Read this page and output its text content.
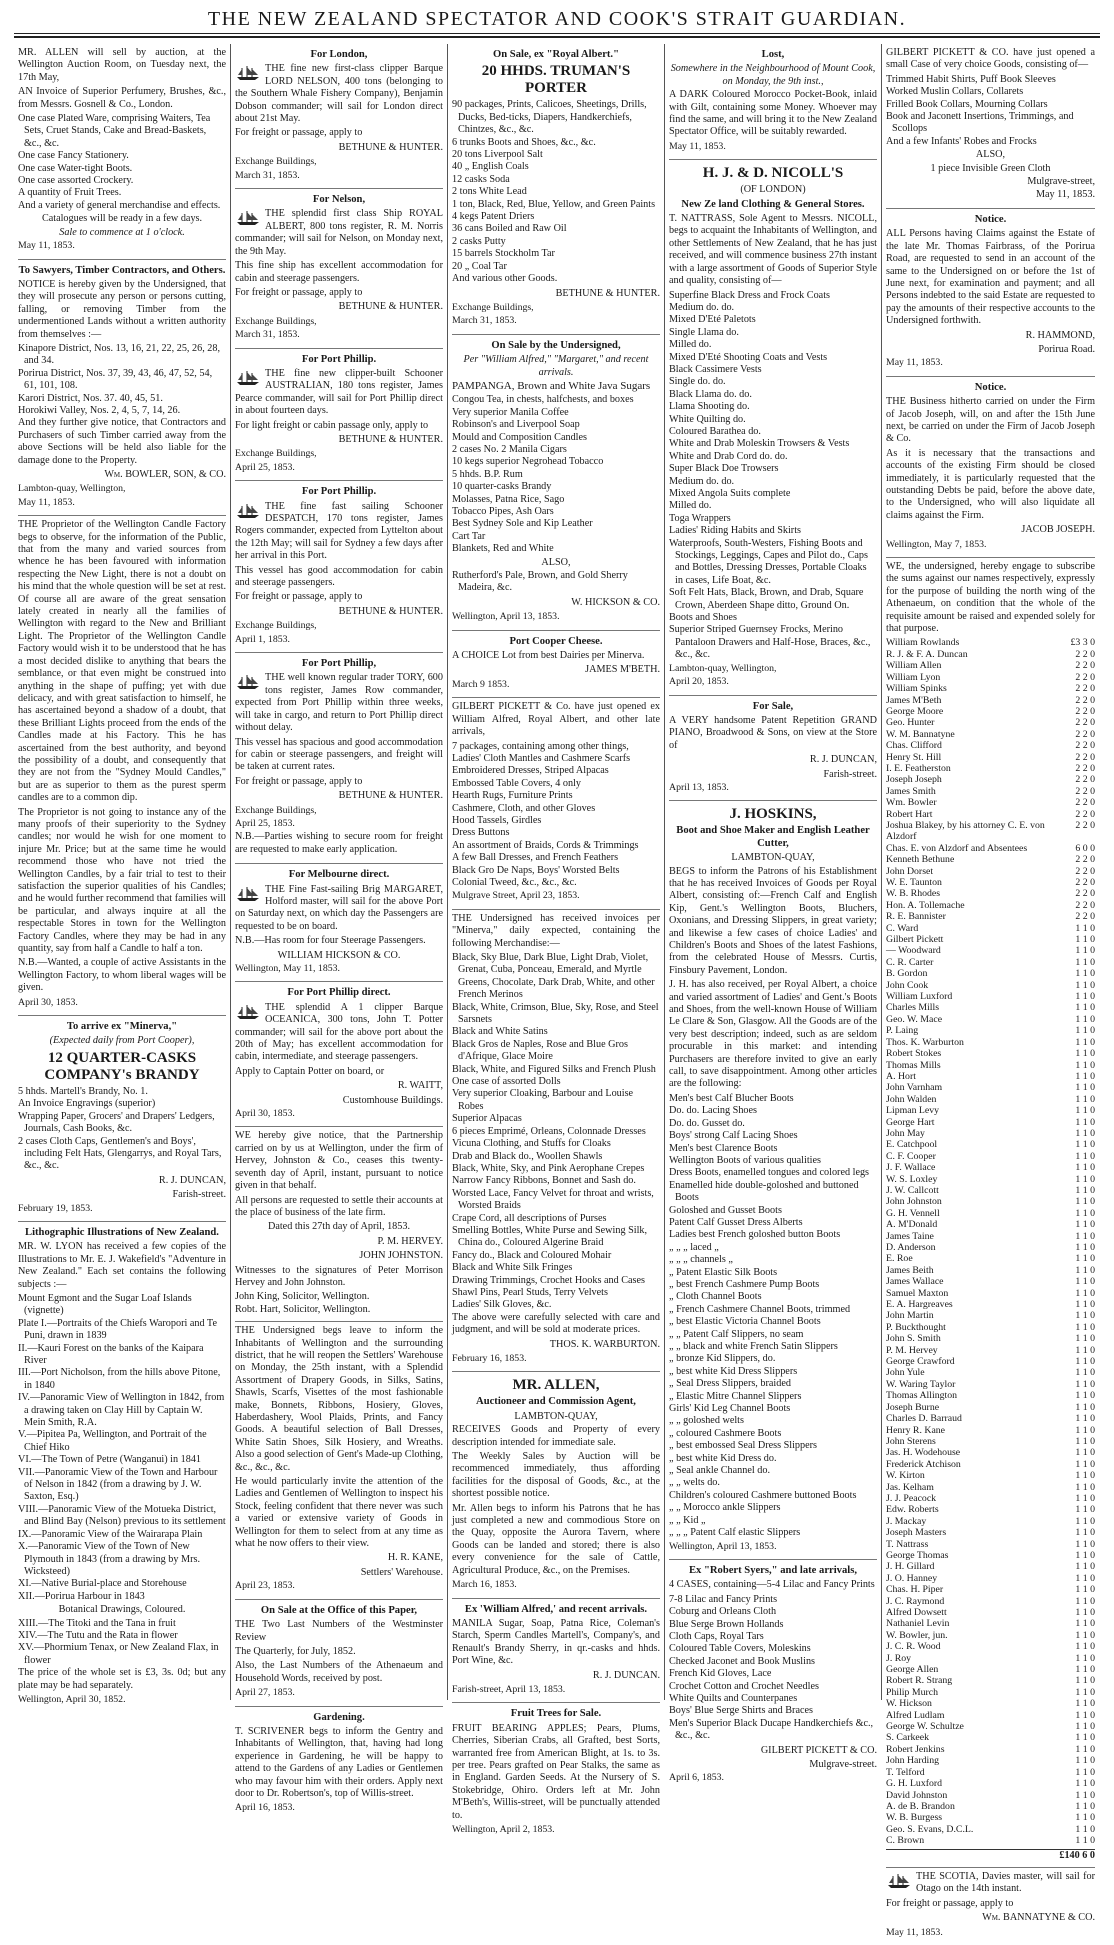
THE NEW ZEALAND SPECTATOR AND COOK'S STRAIT GUARDIAN.

MR. ALLEN will sell by auction, at the Wellington Auction Room, on Tuesday next, the 17th May,

AN Invoice of Superior Perfumery, Brushes, &c., from Messrs. Gosnell & Co., London.

One case Plated Ware, comprising Waiters, Tea Sets, Cruet Stands, Cake and Bread-Baskets, &c., &c.

One case Fancy Stationery.

One case Water-tight Boots.

One case assorted Crockery.

A quantity of Fruit Trees.

And a variety of general merchandise and effects.

Catalogues will be ready in a few days.

Sale to commence at 1 o'clock.

May 11, 1853.

To Sawyers, Timber Contractors, and Others.

NOTICE is hereby given by the Undersigned, that they will prosecute any person or persons cutting, falling, or removing Timber from the undermentioned Lands without a written authority from themselves :—

Kinapore District, Nos. 13, 16, 21, 22, 25, 26, 28, and 34.

Porirua District, Nos. 37, 39, 43, 46, 47, 52, 54, 61, 101, 108.

Karori District, Nos. 37. 40, 45, 51.

Horokiwi Valley, Nos. 2, 4, 5, 7, 14, 26.

And they further give notice, that Contractors and Purchasers of such Timber carried away from the above Sections will be held also liable for the damage done to the Property.

Wm. BOWLER, SON, & CO.

Lambton-quay, Wellington,

May 11, 1853.

THE Proprietor of the Wellington Candle Factory begs to observe, for the information of the Public, that from the many and varied sources from whence he has been favoured with information respecting the New Light, there is not a doubt on his mind that the whole question will be set at rest. Of course all are aware of the great sensation lately created in nearly all the families of Wellington with regard to the New and Brilliant Light. The Proprietor of the Wellington Candle Factory would wish it to be understood that he has a most decided dislike to anything that bears the semblance, or that even might be construed into anything in the shape of puffing; yet with due delicacy, and with great satisfaction to himself, he has ascertained beyond a shadow of a doubt, that these Brilliant Lights proceed from the ends of the Candles made at his Factory. This he has ascertained from the best authority, and beyond the possibility of a doubt, and consequently that they are not from the "Sydney Mould Candles," but are as superior to them as the purest sperm candles are to a common dip.

The Proprietor is not going to instance any of the many proofs of their superiority to the Sydney candles; nor would he wish for one moment to injure Mr. Price; but at the same time he would recommend those who have not tried the Wellington Candles, by a fair trial to test to their satisfaction the superior qualities of his Candles; and he would further recommend that families will be particular, and always inquire at all the respectable Stores in town for the Wellington Factory Candles, where they may be had in any quantity, say from half a Candle to half a ton.

N.B.—Wanted, a couple of active Assistants in the Wellington Factory, to whom liberal wages will be given.

April 30, 1853.

To arrive ex "Minerva,"

(Expected daily from Port Cooper),

12 QUARTER-CASKS COMPANY's BRANDY

5 hhds. Martell's Brandy, No. 1.

An Invoice Engravings (superior)

Wrapping Paper, Grocers' and Drapers' Ledgers, Journals, Cash Books, &c.

2 cases Cloth Caps, Gentlemen's and Boys', including Felt Hats, Glengarrys, and Royal Tars, &c., &c.

R. J. DUNCAN,

Farish-street.

February 19, 1853.

Lithographic Illustrations of New Zealand.

MR. W. LYON has received a few copies of the Illustrations to Mr. E. J. Wakefield's "Adventure in New Zealand." Each set contains the following subjects :—

Mount Egmont and the Sugar Loaf Islands (vignette)

Plate I.—Portraits of the Chiefs Waropori and Te Puni, drawn in 1839

II.—Kauri Forest on the banks of the Kaipara River

III.—Port Nicholson, from the hills above Pitone, in 1840

IV.—Panoramic View of Wellington in 1842, from a drawing taken on Clay Hill by Captain W. Mein Smith, R.A.

V.—Pipitea Pa, Wellington, and Portrait of the Chief Hiko

VI.—The Town of Petre (Wanganui) in 1841

VII.—Panoramic View of the Town and Harbour of Nelson in 1842 (from a drawing by J. W. Saxton, Esq.)

VIII.—Panoramic View of the Motueka District, and Blind Bay (Nelson) previous to its settlement

IX.—Panoramic View of the Wairarapa Plain

X.—Panoramic View of the Town of New Plymouth in 1843 (from a drawing by Mrs. Wicksteed)

XI.—Native Burial-place and Storehouse

XII.—Porirua Harbour in 1843

Botanical Drawings, Coloured.

XIII.—The Titoki and the Tana in fruit

XIV.—The Tutu and the Rata in flower

XV.—Phormium Tenax, or New Zealand Flax, in flower

The price of the whole set is £3, 3s. 0d; but any plate may be had separately.

Wellington, April 30, 1852.

For London,

THE fine new first-class clipper Barque LORD NELSON, 400 tons (belonging to the Southern Whale Fishery Company), Benjamin Dobson commander; will sail for London direct about 21st May.

For freight or passage, apply to

BETHUNE & HUNTER.

Exchange Buildings,

March 31, 1853.

For Nelson,

THE splendid first class Ship ROYAL ALBERT, 800 tons register, R. M. Norris commander; will sail for Nelson, on Monday next, the 9th May.

This fine ship has excellent accommodation for cabin and steerage passengers.

For freight or passage, apply to

BETHUNE & HUNTER.

Exchange Buildings,

March 31, 1853.

For Port Phillip.

THE fine new clipper-built Schooner AUSTRALIAN, 180 tons register, James Pearce commander, will sail for Port Phillip direct in about fourteen days.

For light freight or cabin passage only, apply to

BETHUNE & HUNTER.

Exchange Buildings,

April 25, 1853.

For Port Phillip.

THE fine fast sailing Schooner DESPATCH, 170 tons register, James Rogers commander, expected from Lyttelton about the 12th May; will sail for Sydney a few days after her arrival in this Port.

This vessel has good accommodation for cabin and steerage passengers.

For freight or passage, apply to

BETHUNE & HUNTER.

Exchange Buildings,

April 1, 1853.

For Port Phillip,

THE well known regular trader TORY, 600 tons register, James Row commander, expected from Port Phillip within three weeks, will take in cargo, and return to Port Phillip direct without delay.

This vessel has spacious and good accommodation for cabin or steerage passengers, and freight will be taken at current rates.

For freight or passage, apply to

BETHUNE & HUNTER.

Exchange Buildings,

April 25, 1853.

N.B.—Parties wishing to secure room for freight are requested to make early application.

For Melbourne direct.

THE Fine Fast-sailing Brig MARGARET, Holford master, will sail for the above Port on Saturday next, on which day the Passengers are requested to be on board.

N.B.—Has room for four Steerage Passengers.

WILLIAM HICKSON & CO.

Wellington, May 11, 1853.

For Port Phillip direct.

THE splendid A 1 clipper Barque OCEANICA, 300 tons, John T. Potter commander; will sail for the above port about the 20th of May; has excellent accommodation for cabin, intermediate, and steerage passengers.

Apply to Captain Potter on board, or

R. WAITT,

Customhouse Buildings.

April 30, 1853.

WE hereby give notice, that the Partnership carried on by us at Wellington, under the firm of Hervey, Johnston & Co., ceases this twenty-seventh day of April, instant, pursuant to notice given in that behalf.

All persons are requested to settle their accounts at the place of business of the late firm.

Dated this 27th day of April, 1853.

P. M. HERVEY.

JOHN JOHNSTON.

Witnesses to the signatures of Peter Morrison Hervey and John Johnston.

John King, Solicitor, Wellington.

Robt. Hart, Solicitor, Wellington.

THE Undersigned begs leave to inform the Inhabitants of Wellington and the surrounding district, that he will reopen the Settlers' Warehouse on Monday, the 25th instant, with a Splendid Assortment of Drapery Goods, in Silks, Satins, Shawls, Scarfs, Visettes of the most fashionable make, Bonnets, Ribbons, Hosiery, Gloves, Haberdashery, Wool Plaids, Prints, and Fancy Goods. A beautiful selection of Ball Dresses, White Satin Shoes, Silk Hosiery, and Wreaths. Also a good selection of Gent's Made-up Clothing, &c., &c., &c.

He would particularly invite the attention of the Ladies and Gentlemen of Wellington to inspect his Stock, feeling confident that there never was such a varied or extensive variety of Goods in Wellington for them to select from at any time as what he now offers to their view.

H. R. KANE,

Settlers' Warehouse.

April 23, 1853.

On Sale at the Office of this Paper,

THE Two Last Numbers of the Westminster Review

The Quarterly, for July, 1852.

Also, the Last Numbers of the Athenaeum and Household Words, received by post.

April 27, 1853.

Gardening.

T. SCRIVENER begs to inform the Gentry and Inhabitants of Wellington, that, having had long experience in Gardening, he will be happy to attend to the Gardens of any Ladies or Gentlemen who may favour him with their orders. Apply next door to Dr. Robertson's, top of Willis-street.

April 16, 1853.

On Sale, ex "Royal Albert."

20 HHDS. TRUMAN'S PORTER

90 packages, Prints, Calicoes, Sheetings, Drills, Ducks, Bed-ticks, Diapers, Handkerchiefs, Chintzes, &c., &c.

6 trunks Boots and Shoes, &c., &c.

20 tons Liverpool Salt

40 „ English Coals

12 casks Soda

2 tons White Lead

1 ton, Black, Red, Blue, Yellow, and Green Paints

4 kegs Patent Driers

36 cans Boiled and Raw Oil

2 casks Putty

15 barrels Stockholm Tar

20 „ Coal Tar

And various other Goods.

BETHUNE & HUNTER.

Exchange Buildings,

March 31, 1853.

On Sale by the Undersigned,

Per "William Alfred," "Margaret," and recent arrivals.

PAMPANGA, Brown and White Java Sugars

Congou Tea, in chests, halfchests, and boxes

Very superior Manila Coffee

Robinson's and Liverpool Soap

Mould and Composition Candles

2 cases No. 2 Manila Cigars

10 kegs superior Negrohead Tobacco

5 hhds. B.P. Rum

10 quarter-casks Brandy

Molasses, Patna Rice, Sago

Tobacco Pipes, Ash Oars

Best Sydney Sole and Kip Leather

Cart Tar

Blankets, Red and White

ALSO,

Rutherford's Pale, Brown, and Gold Sherry Madeira, &c.

W. HICKSON & CO.

Wellington, April 13, 1853.

Port Cooper Cheese.

A CHOICE Lot from best Dairies per Minerva.

JAMES M'BETH.

March 9 1853.

GILBERT PICKETT & Co. have just opened ex William Alfred, Royal Albert, and other late arrivals,

7 packages, containing among other things,

Ladies' Cloth Mantles and Cashmere Scarfs

Embroidered Dresses, Striped Alpacas

Embossed Table Covers, 4 only

Hearth Rugs, Furniture Prints

Cashmere, Cloth, and other Gloves

Hood Tassels, Girdles

Dress Buttons

An assortment of Braids, Cords & Trimmings

A few Ball Dresses, and French Feathers

Black Gro De Naps, Boys' Worsted Belts

Colonial Tweed, &c., &c., &c.

Mulgrave Street, April 23, 1853.

THE Undersigned has received invoices per "Minerva," daily expected, containing the following Merchandise:—

Black, Sky Blue, Dark Blue, Light Drab, Violet, Grenat, Cuba, Ponceau, Emerald, and Myrtle Greens, Chocolate, Dark Drab, White, and other French Merinos

Black, White, Crimson, Blue, Sky, Rose, and Steel Sarsnets

Black and White Satins

Black Gros de Naples, Rose and Blue Gros d'Afrique, Glace Moire

Black, White, and Figured Silks and French Plush

One case of assorted Dolls

Very superior Cloaking, Barbour and Louise Robes

Superior Alpacas

6 pieces Emprimé, Orleans, Colonnade Dresses

Vicuna Clothing, and Stuffs for Cloaks

Drab and Black do., Woollen Shawls

Black, White, Sky, and Pink Aerophane Crepes

Narrow Fancy Ribbons, Bonnet and Sash do.

Worsted Lace, Fancy Velvet for throat and wrists, Worsted Braids

Crape Cord, all descriptions of Purses

Smelling Bottles, White Purse and Sewing Silk, China do., Coloured Algerine Braid

Fancy do., Black and Coloured Mohair

Black and White Silk Fringes

Drawing Trimmings, Crochet Hooks and Cases

Shawl Pins, Pearl Studs, Terry Velvets

Ladies' Silk Gloves, &c.

The above were carefully selected with care and judgment, and will be sold at moderate prices.

THOS. K. WARBURTON.

February 16, 1853.

MR. ALLEN,

Auctioneer and Commission Agent,

LAMBTON-QUAY,

RECEIVES Goods and Property of every description intended for immediate sale.

The Weekly Sales by Auction will be recommenced immediately, thus affording facilities for the disposal of Goods, &c., at the shortest possible notice.

Mr. Allen begs to inform his Patrons that he has just completed a new and commodious Store on the Quay, opposite the Aurora Tavern, where Goods can be landed and stored; there is also every convenience for the sale of Cattle, Agricultural Produce, &c., on the Premises.

March 16, 1853.

Ex 'William Alfred,' and recent arrivals.

MANILA Sugar, Soap, Patna Rice, Coleman's Starch, Sperm Candles Martell's, Company's, and Renault's Brandy Sherry, in qr.-casks and hhds. Port Wine, &c.

R. J. DUNCAN.

Farish-street, April 13, 1853.

Fruit Trees for Sale.

FRUIT BEARING APPLES; Pears, Plums, Cherries, Siberian Crabs, all Grafted, best Sorts, warranted free from American Blight, at 1s. to 3s. per tree. Pears grafted on Pear Stalks, the same as in England. Garden Seeds. At the Nursery of S. Stokebridge, Ohiro. Orders left at Mr. John M'Beth's, Willis-street, will be punctually attended to.

Wellington, April 2, 1853.

Lost,

Somewhere in the Neighbourhood of Mount Cook, on Monday, the 9th inst.,

A DARK Coloured Morocco Pocket-Book, inlaid with Gilt, containing some Money. Whoever may find the same, and will bring it to the New Zealand Spectator Office, will be suitably rewarded.

May 11, 1853.

H. J. & D. NICOLL'S

(OF LONDON)

New Ze land Clothing & General Stores.

T. NATTRASS, Sole Agent to Messrs. NICOLL, begs to acquaint the Inhabitants of Wellington, and other Settlements of New Zealand, that he has just received, and will commence business 27th instant with a large assortment of Goods of Superior Style and quality, consisting of—

Superfine Black Dress and Frock Coats

Medium do. do.

Mixed D'Eté Paletots

Single Llama do.

Milled do.

Mixed D'Eté Shooting Coats and Vests

Black Cassimere Vests

Single do. do.

Black Llama do. do.

Llama Shooting do.

White Quilting do.

Coloured Barathea do.

White and Drab Moleskin Trowsers & Vests

White and Drab Cord do. do.

Super Black Doe Trowsers

Medium do. do.

Mixed Angola Suits complete

Milled do.

Toga Wrappers

Ladies' Riding Habits and Skirts

Waterproofs, South-Westers, Fishing Boots and Stockings, Leggings, Capes and Pilot do., Caps and Bottles, Dressing Dresses, Portable Cloaks in cases, Life Boat, &c.

Soft Felt Hats, Black, Brown, and Drab, Square Crown, Aberdeen Shape ditto, Ground On.

Boots and Shoes

Superior Striped Guernsey Frocks, Merino Pantaloon Drawers and Half-Hose, Braces, &c., &c., &c.

Lambton-quay, Wellington,

April 20, 1853.

For Sale,

A VERY handsome Patent Repetition GRAND PIANO, Broadwood & Sons, on view at the Store of

R. J. DUNCAN,

Farish-street.

April 13, 1853.

J. HOSKINS,

Boot and Shoe Maker and English Leather Cutter,

LAMBTON-QUAY,

BEGS to inform the Patrons of his Establishment that he has received Invoices of Goods per Royal Albert, consisting of:—French Calf and English Kip, Gent.'s Wellington Boots, Bluchers, Oxonians, and Dressing Slippers, in great variety; and likewise a few cases of choice Ladies' and Children's Boots and Shoes of the latest Fashions, from the celebrated House of Messrs. Curtis, Finsbury Pavement, London.

J. H. has also received, per Royal Albert, a choice and varied assortment of Ladies' and Gent.'s Boots and Shoes, from the well-known House of William Le Clare & Son, Glasgow. All the Goods are of the very best description; indeed, such as are seldom procurable in this market: and intending Purchasers are therefore invited to give an early call, to save disappointment. Among other articles are the following:

Men's best Calf Blucher Boots

Do. do. Lacing Shoes

Do. do. Gusset do.

Boys' strong Calf Lacing Shoes

Men's best Clarence Boots

Wellington Boots of various qualities

Dress Boots, enamelled tongues and colored legs

Enamelled hide double-goloshed and buttoned Boots

Goloshed and Gusset Boots

Patent Calf Gusset Dress Alberts

Ladies best French goloshed button Boots

„ „ „ laced „

„ „ „ channels „

„ Patent Elastic Silk Boots

„ best French Cashmere Pump Boots

„ Cloth Channel Boots

„ French Cashmere Channel Boots, trimmed

„ best Elastic Victoria Channel Boots

„ „ Patent Calf Slippers, no seam

„ „ black and white French Satin Slippers

„ bronze Kid Slippers, do.

„ best white Kid Dress Slippers

„ Seal Dress Slippers, braided

„ Elastic Mitre Channel Slippers

Girls' Kid Leg Channel Boots

„ „ goloshed welts

„ coloured Cashmere Boots

„ best embossed Seal Dress Slippers

„ best white Kid Dress do.

„ Seal ankle Channel do.

„ „ welts do.

Children's coloured Cashmere buttoned Boots

„ „ Morocco ankle Slippers

„ „ Kid „

„ „ „ Patent Calf elastic Slippers

Wellington, April 13, 1853.

Ex "Robert Syers," and late arrivals,

4 CASES, containing—5-4 Lilac and Fancy Prints

7-8 Lilac and Fancy Prints

Coburg and Orleans Cloth

Blue Serge Brown Hollands

Cloth Caps, Royal Tars

Coloured Table Covers, Moleskins

Checked Jaconet and Book Muslins

French Kid Gloves, Lace

Crochet Cotton and Crochet Needles

White Quilts and Counterpanes

Boys' Blue Serge Shirts and Braces

Men's Superior Black Ducape Handkerchiefs &c., &c., &c.

GILBERT PICKETT & CO.

Mulgrave-street.

April 6, 1853.

GILBERT PICKETT & CO. have just opened a small Case of very choice Goods, consisting of—

Trimmed Habit Shirts, Puff Book Sleeves

Worked Muslin Collars, Collarets

Frilled Book Collars, Mourning Collars

Book and Jaconett Insertions, Trimmings, and Scollops

And a few Infants' Robes and Frocks

ALSO,

1 piece Invisible Green Cloth

Mulgrave-street,

May 11, 1853.

Notice.

ALL Persons having Claims against the Estate of the late Mr. Thomas Fairbrass, of the Porirua Road, are requested to send in an account of the same to the Undersigned on or before the 1st of June next, for examination and payment; and all Persons indebted to the said Estate are requested to pay the amounts of their respective accounts to the Undersigned forthwith.

R. HAMMOND,

Porirua Road.

May 11, 1853.

Notice.

THE Business hitherto carried on under the Firm of Jacob Joseph, will, on and after the 15th June next, be carried on under the Firm of Jacob Joseph & Co.

As it is necessary that the transactions and accounts of the existing Firm should be closed immediately, it is particularly requested that the outstanding Debts be paid, before the above date, to the Undersigned, who will also liquidate all claims against the Firm.

JACOB JOSEPH.

Wellington, May 7, 1853.

WE, the undersigned, hereby engage to subscribe the sums against our names respectively, expressly for the purpose of building the north wing of the Athenaeum, on condition that the whole of the requisite amount be raised and expended solely for that purpose.

William Rowlands	£3 3 0
R. J. & F. A. Duncan	2 2 0
William Allen	2 2 0
William Lyon	2 2 0
William Spinks	2 2 0
James M'Beth	2 2 0
George Moore	2 2 0
Geo. Hunter	2 2 0
W. M. Bannatyne	2 2 0
Chas. Clifford	2 2 0
Henry St. Hill	2 2 0
I. E. Featherston	2 2 0
Joseph Joseph	2 2 0
James Smith	2 2 0
Wm. Bowler	2 2 0
Robert Hart	2 2 0
Joshua Blakey, by his attorney C. E. von Alzdorf
2 2 0
Chas. E. von Alzdorf and Absentees	6 0 0
Kenneth Bethune	2 2 0
John Dorset	2 2 0
W. E. Taunton	2 2 0
W. B. Rhodes	2 2 0
Hon. A. Tollemache	2 2 0
R. E. Bannister	2 2 0
C. Ward	1 1 0
Gilbert Pickett	1 1 0
— Woodward	1 1 0
C. R. Carter	1 1 0
B. Gordon	1 1 0
John Cook	1 1 0
William Luxford	1 1 0
Charles Mills	1 1 0
Geo. W. Mace	1 1 0
P. Laing	1 1 0
Thos. K. Warburton	1 1 0
Robert Stokes	1 1 0
Thomas Mills	1 1 0
A. Hort	1 1 0
John Varnham	1 1 0
John Walden	1 1 0
Lipman Levy	1 1 0
George Hart	1 1 0
John May	1 1 0
E. Catchpool	1 1 0
C. F. Cooper	1 1 0
J. F. Wallace	1 1 0
W. S. Loxley	1 1 0
J. W. Callcott	1 1 0
John Johnston	1 1 0
G. H. Vennell	1 1 0
A. M'Donald	1 1 0
James Taine	1 1 0
D. Anderson	1 1 0
E. Roe	1 1 0
James Beith	1 1 0
James Wallace	1 1 0
Samuel Maxton	1 1 0
E. A. Hargreaves	1 1 0
John Martin	1 1 0
P. Buckthought	1 1 0
John S. Smith	1 1 0
P. M. Hervey	1 1 0
George Crawford	1 1 0
John Yule	1 1 0
W. Waring Taylor	1 1 0
Thomas Allington	1 1 0
Joseph Burne	1 1 0
Charles D. Barraud	1 1 0
Henry R. Kane	1 1 0
John Sterens	1 1 0
Jas. H. Wodehouse	1 1 0
Frederick Atchison	1 1 0
W. Kirton	1 1 0
Jas. Kelham	1 1 0
J. J. Peacock	1 1 0
Edw. Roberts	1 1 0
J. Mackay	1 1 0
Joseph Masters	1 1 0
T. Nattrass	1 1 0
George Thomas	1 1 0
J. H. Gillard	1 1 0
J. O. Hanney	1 1 0
Chas. H. Piper	1 1 0
J. C. Raymond	1 1 0
Alfred Dowsett	1 1 0
Nathaniel Levin	1 1 0
W. Bowler, jun.	1 1 0
J. C. R. Wood	1 1 0
J. Roy	1 1 0
George Allen	1 1 0
Robert R. Strang	1 1 0
Philip Murch	1 1 0
W. Hickson	1 1 0
Alfred Ludlam	1 1 0
George W. Schultze	1 1 0
S. Carkeek	1 1 0
Robert Jenkins	1 1 0
John Harding	1 1 0
T. Telford	1 1 0
G. H. Luxford	1 1 0
David Johnston	1 1 0
A. de B. Brandon	1 1 0
W. B. Burgess	1 1 0
Geo. S. Evans, D.C.L.	1 1 0
C. Brown	1 1 0
£140 6 0

THE SCOTIA, Davies master, will sail for Otago on the 14th instant.

For freight or passage, apply to

Wm. BANNATYNE & CO.

May 11, 1853.
